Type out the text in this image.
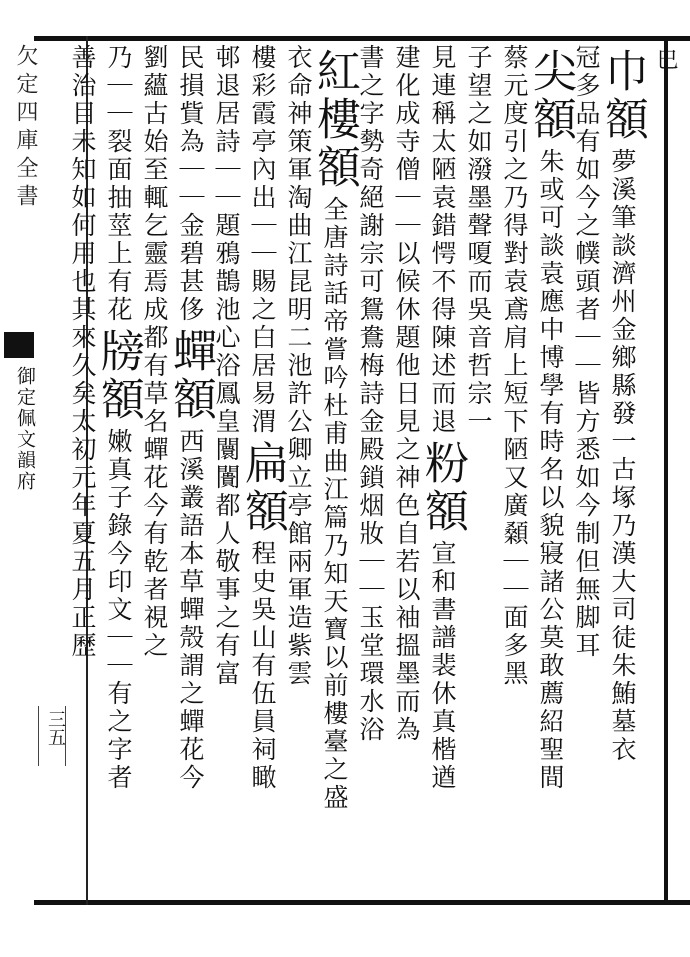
欠定四庫全書
御定佩文韻府
巳
三五
巾額
夢溪筆談濟州金鄉縣發一古塚乃漢大司徒朱鮪墓衣
冠多品有如今之幞頭者｜｜皆方悉如今制但無脚耳
尖額
朱或可談袁應中博學有時名以貌寢諸公莫敢薦紹聖間
蔡元度引之乃得對袁鳶肩上短下陋又廣顙｜｜面多黑
子望之如潑墨聲嗄而吳音哲宗一
見連稱太陋袁錯愕不得陳述而退
粉額
宣和書譜裴休真楷遒
建化成寺僧｜｜以候休題他日見之神色自若以袖搵墨而為
書之字勢奇絕謝宗可鴛鴦梅詩金殿鎖烟妝｜｜玉堂環水浴
紅樓額
全唐詩話帝嘗吟杜甫曲江篇乃知天寶以前樓臺之盛
衣
命神策軍淘曲江昆明二池許公卿立亭館兩軍造紫雲
樓彩霞亭內出｜｜賜之白居易渭
扁額
程史吳山有伍員祠瞰
邨退居詩｜｜題鴉鵲池心浴鳳皇
闤闠都人敬事之有富
民損貲為｜｜金碧甚侈
蟬額
西溪叢語本草蟬殼謂之蟬花今
劉蘊古始至輒乞靈焉
成都有草名蟬花今有乾者視之
乃｜｜裂面抽莖上有花
牓額
嫩真子錄今印文｜｜有之字者
善治目未知如何用也
其來久矣太初元年夏五月正歷
